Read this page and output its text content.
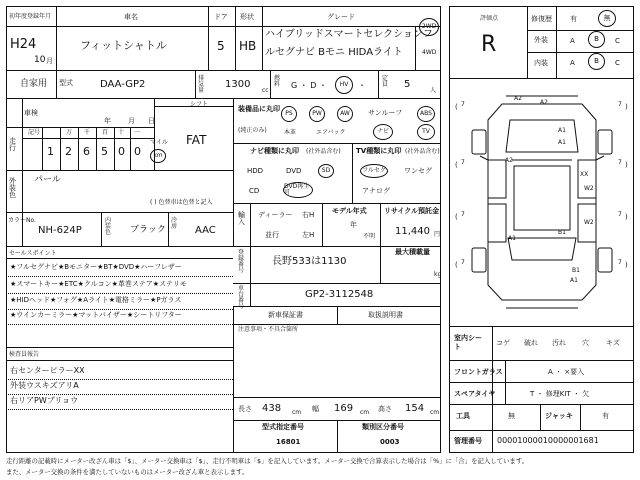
初年度登録年月
H24
10 月
車名
フィットシャトル
ドア
5
形状
HB
グレード
ハイブリッドスマートセレクションフ
ルセグナビ Bモニ HIDAライト
2WD
4WD
自家用 型式	DAA-GP2
排気量
1300
cc
燃料	G ・ D ・ HV ・
定員	5
人
車検
年 月 日
シフト
FAT
走行
記号	万 千 百 十 一
1 2 6 5 0 0
マイル
km
外装色
パール
( ) 色替車は色替と記入
カラーNo.
NH-624P
内装色 ブラック
冷房 AAC
装備品に丸印
(純正のみ)
PS	PW	AW	サンルーフ	ABS
本革	エアバック	ナビ	TV
ナビ種類に丸印 (社外品含む)
HDD	DVD	SD
CD
DVD再生可
TV種類に丸印 (社外品含む)
フルセグ	ワンセグ
アナログ
輸入
ディーラー
並行
右H
左H
モデル年式
年
不明
リサイクル預託金
11,440 円
登録番号
長野533は1130
最大積載量
kg
車台番号
GP2-3112548
セールスポイント
★フルセグナビ★Bモニター★BT★DVD★ハーフレザー
★スマートキー★ETC★クルコン★革巻ステア★ステリモ
★HIDヘッド★フォグ★Aライト★電格ミラー★Pガラス
★ウインカーミラー★マットバイザー★シートリフター
検査員報告
右センターピラーXX
外装ウスキズアリA
右リアPWブリョウ
新車保証書	取扱説明書
注意事項・不具合箇所
長さ 438 cm 幅 169 cm 高さ 154 cm
型式指定番号
16801
類別区分番号
0003
評価点
R
修復歴	有	無
外装	A	B C
内装	A	B C
A2
A2
A1
A1
A2
XX
W2
W2
B1
A1
B1
A1
( 7	)
7
( 7	)
7
( 7	)
7
( 7	)
7
室内シート
コゲ 破れ 汚れ 穴 キズ
フロントガラス	A ・ ×要入
スペアタイヤ	T ・ 修理KIT ・ 欠
工具	無	ジャッキ	有
管理番号 00001000010000001681
走行距離の記載時にメーター改ざん車は「$」、メーター交換車は「$」、走行不明車は「$」を記入しています。メーター交換で合算表示した場合は「%」に「合」を記入しています。
また、メーター交換の条件を満たしていないものはメーター改ざん車と表示します。
